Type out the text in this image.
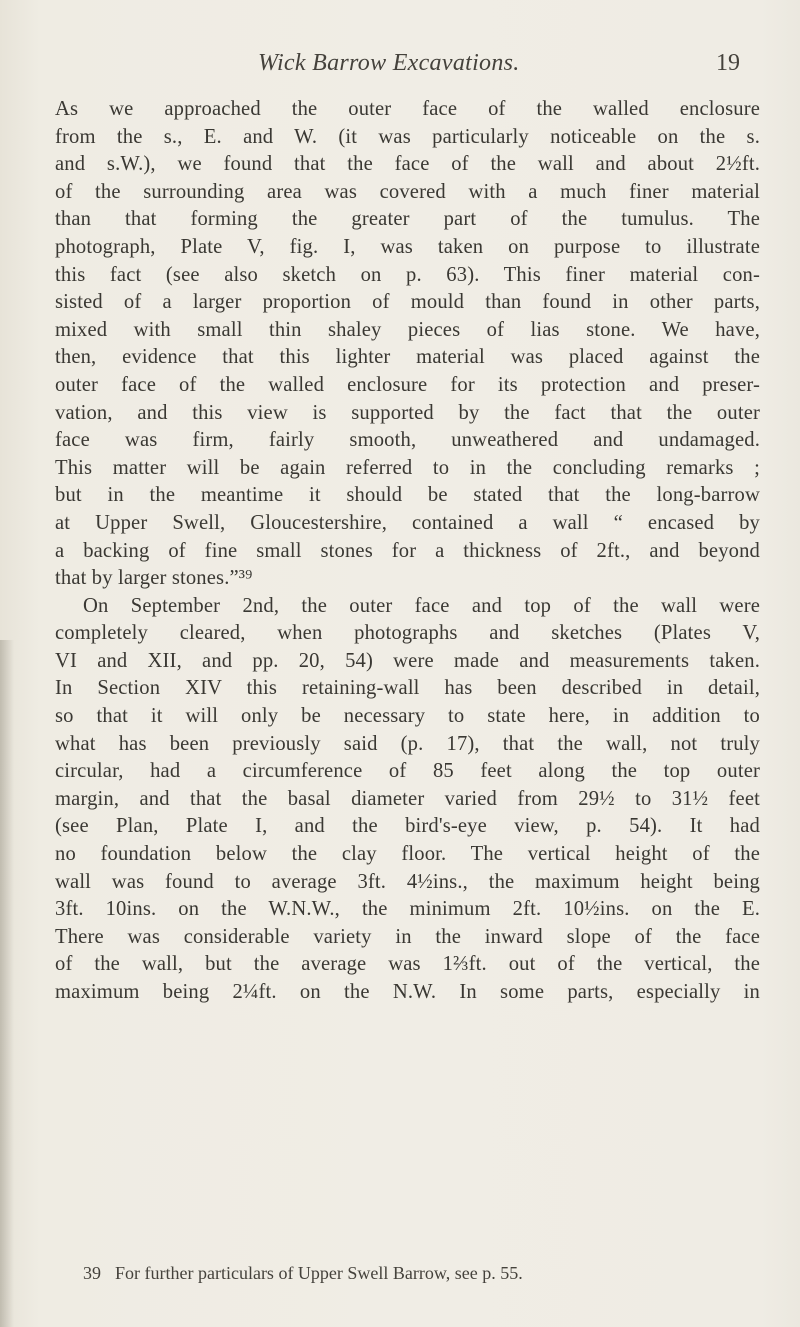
Wick Barrow Excavations.	19
As we approached the outer face of the walled enclosure
from the s., E. and W. (it was particularly noticeable on the s.
and s.W.), we found that the face of the wall and about 2½ft.
of the surrounding area was covered with a much finer material
than that forming the greater part of the tumulus. The
photograph, Plate V, fig. I, was taken on purpose to illustrate
this fact (see also sketch on p. 63). This finer material con-
sisted of a larger proportion of mould than found in other parts,
mixed with small thin shaley pieces of lias stone. We have,
then, evidence that this lighter material was placed against the
outer face of the walled enclosure for its protection and preser-
vation, and this view is supported by the fact that the outer
face was firm, fairly smooth, unweathered and undamaged.
This matter will be again referred to in the concluding remarks ;
but in the meantime it should be stated that the long-barrow
at Upper Swell, Gloucestershire, contained a wall “ encased by
a backing of fine small stones for a thickness of 2ft., and beyond
that by larger stones.”³⁹
On September 2nd, the outer face and top of the wall were
completely cleared, when photographs and sketches (Plates V,
VI and XII, and pp. 20, 54) were made and measurements taken.
In Section XIV this retaining-wall has been described in detail,
so that it will only be necessary to state here, in addition to
what has been previously said (p. 17), that the wall, not truly
circular, had a circumference of 85 feet along the top outer
margin, and that the basal diameter varied from 29½ to 31½ feet
(see Plan, Plate I, and the bird's-eye view, p. 54). It had
no foundation below the clay floor. The vertical height of the
wall was found to average 3ft. 4½ins., the maximum height being
3ft. 10ins. on the W.N.W., the minimum 2ft. 10½ins. on the E.
There was considerable variety in the inward slope of the face
of the wall, but the average was 1⅔ft. out of the vertical, the
maximum being 2¼ft. on the N.W. In some parts, especially in
39 For further particulars of Upper Swell Barrow, see p. 55.
